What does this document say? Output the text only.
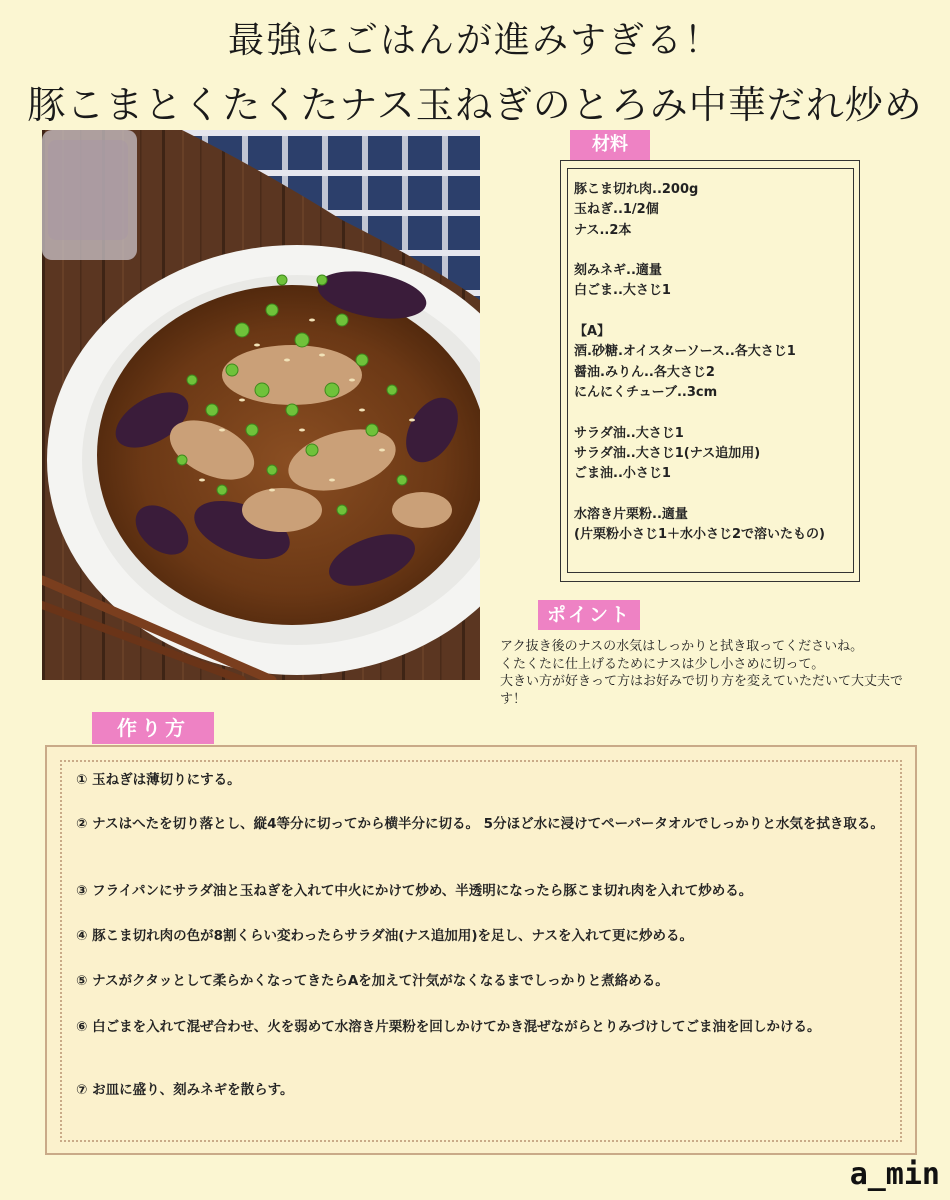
最強にごはんが進みすぎる！
豚こまとくたくたナス玉ねぎのとろみ中華だれ炒め
材料
豚こま切れ肉..200g
玉ねぎ..1/2個
ナス..2本
刻みネギ..適量
白ごま..大さじ1
【A】
酒.砂糖.オイスターソース..各大さじ1
醤油.みりん..各大さじ2
にんにくチューブ..3cm
サラダ油..大さじ1
サラダ油..大さじ1(ナス追加用)
ごま油..小さじ1
水溶き片栗粉..適量
(片栗粉小さじ1＋水小さじ2で溶いたもの)
ポイント

アク抜き後のナスの水気はしっかりと拭き取ってくださいね。

くたくたに仕上げるためにナスは少し小さめに切って。

大きい方が好きって方はお好みで切り方を変えていただいて大丈夫です！

作り方
① 玉ねぎは薄切りにする。
② ナスはへたを切り落とし、縦4等分に切ってから横半分に切る。 5分ほど水に浸けてペーパータオルでしっかりと水気を拭き取る。
③ フライパンにサラダ油と玉ねぎを入れて中火にかけて炒め、半透明になったら豚こま切れ肉を入れて炒める。
④ 豚こま切れ肉の色が8割くらい変わったらサラダ油(ナス追加用)を足し、ナスを入れて更に炒める。
⑤ ナスがクタッとして柔らかくなってきたらAを加えて汁気がなくなるまでしっかりと煮絡める。
⑥ 白ごまを入れて混ぜ合わせ、火を弱めて水溶き片栗粉を回しかけてかき混ぜながらとりみづけしてごま油を回しかける。
⑦ お皿に盛り、刻みネギを散らす。
a_min
